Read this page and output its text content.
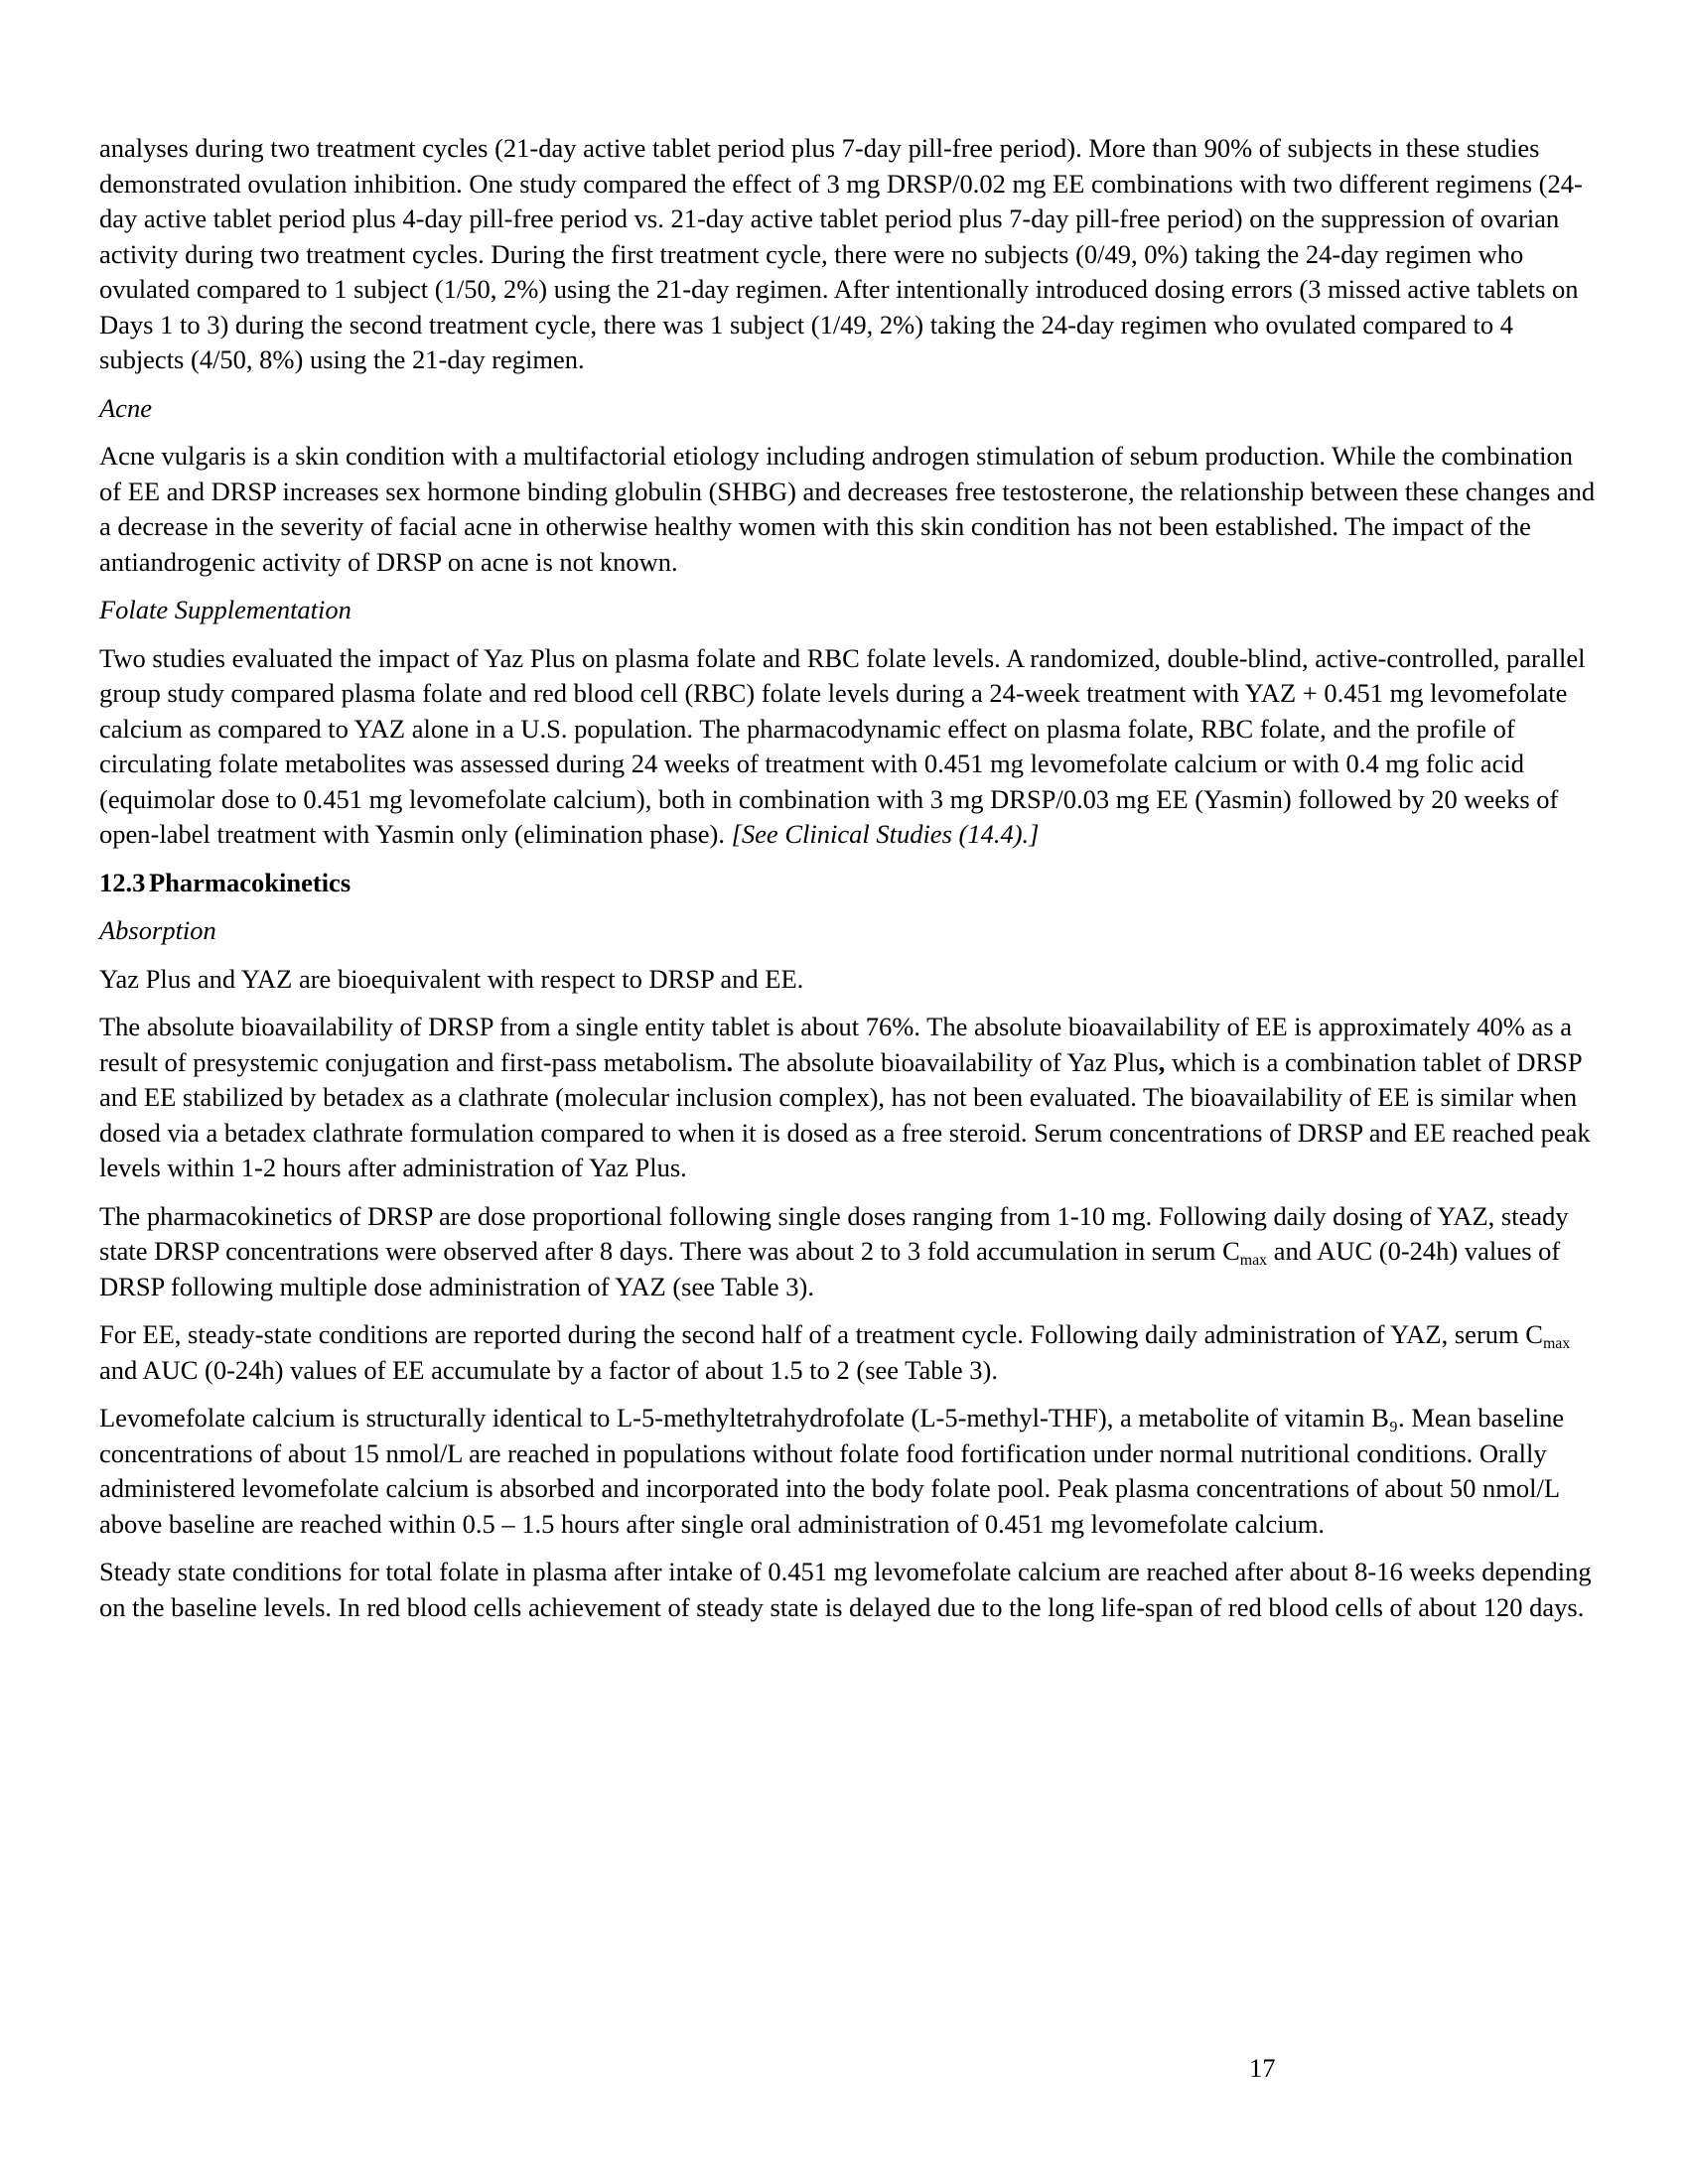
analyses during two treatment cycles (21-day active tablet period plus 7-day pill-free period). More than 90% of subjects in these studies demonstrated ovulation inhibition. One study compared the effect of 3 mg DRSP/0.02 mg EE combinations with two different regimens (24-day active tablet period plus 4-day pill-free period vs. 21-day active tablet period plus 7-day pill-free period) on the suppression of ovarian activity during two treatment cycles. During the first treatment cycle, there were no subjects (0/49, 0%) taking the 24-day regimen who ovulated compared to 1 subject (1/50, 2%) using the 21-day regimen. After intentionally introduced dosing errors (3 missed active tablets on Days 1 to 3) during the second treatment cycle, there was 1 subject (1/49, 2%) taking the 24-day regimen who ovulated compared to 4 subjects (4/50, 8%) using the 21-day regimen.

Acne

Acne vulgaris is a skin condition with a multifactorial etiology including androgen stimulation of sebum production. While the combination of EE and DRSP increases sex hormone binding globulin (SHBG) and decreases free testosterone, the relationship between these changes and a decrease in the severity of facial acne in otherwise healthy women with this skin condition has not been established. The impact of the antiandrogenic activity of DRSP on acne is not known.

Folate Supplementation

Two studies evaluated the impact of Yaz Plus on plasma folate and RBC folate levels. A randomized, double-blind, active-controlled, parallel group study compared plasma folate and red blood cell (RBC) folate levels during a 24-week treatment with YAZ + 0.451 mg levomefolate calcium as compared to YAZ alone in a U.S. population. The pharmacodynamic effect on plasma folate, RBC folate, and the profile of circulating folate metabolites was assessed during 24 weeks of treatment with 0.451 mg levomefolate calcium or with 0.4 mg folic acid (equimolar dose to 0.451 mg levomefolate calcium), both in combination with 3 mg DRSP/0.03 mg EE (Yasmin) followed by 20 weeks of open-label treatment with Yasmin only (elimination phase). [See Clinical Studies (14.4).]

12.3 Pharmacokinetics
Absorption

Yaz Plus and YAZ are bioequivalent with respect to DRSP and EE.

The absolute bioavailability of DRSP from a single entity tablet is about 76%. The absolute bioavailability of EE is approximately 40% as a result of presystemic conjugation and first-pass metabolism. The absolute bioavailability of Yaz Plus, which is a combination tablet of DRSP and EE stabilized by betadex as a clathrate (molecular inclusion complex), has not been evaluated. The bioavailability of EE is similar when dosed via a betadex clathrate formulation compared to when it is dosed as a free steroid. Serum concentrations of DRSP and EE reached peak levels within 1-2 hours after administration of Yaz Plus.

The pharmacokinetics of DRSP are dose proportional following single doses ranging from 1-10 mg. Following daily dosing of YAZ, steady state DRSP concentrations were observed after 8 days. There was about 2 to 3 fold accumulation in serum $C_{max}$ and AUC (0-24h) values of DRSP following multiple dose administration of YAZ (see Table 3).

For EE, steady-state conditions are reported during the second half of a treatment cycle. Following daily administration of YAZ, serum $C_{max}$ and AUC (0-24h) values of EE accumulate by a factor of about 1.5 to 2 (see Table 3).

Levomefolate calcium is structurally identical to L-5-methyltetrahydrofolate (L-5-methyl-THF), a metabolite of vitamin B₉. Mean baseline concentrations of about 15 nmol/L are reached in populations without folate food fortification under normal nutritional conditions. Orally administered levomefolate calcium is absorbed and incorporated into the body folate pool. Peak plasma concentrations of about 50 nmol/L above baseline are reached within 0.5 – 1.5 hours after single oral administration of 0.451 mg levomefolate calcium.

Steady state conditions for total folate in plasma after intake of 0.451 mg levomefolate calcium are reached after about 8-16 weeks depending on the baseline levels. In red blood cells achievement of steady state is delayed due to the long life-span of red blood cells of about 120 days.

17
